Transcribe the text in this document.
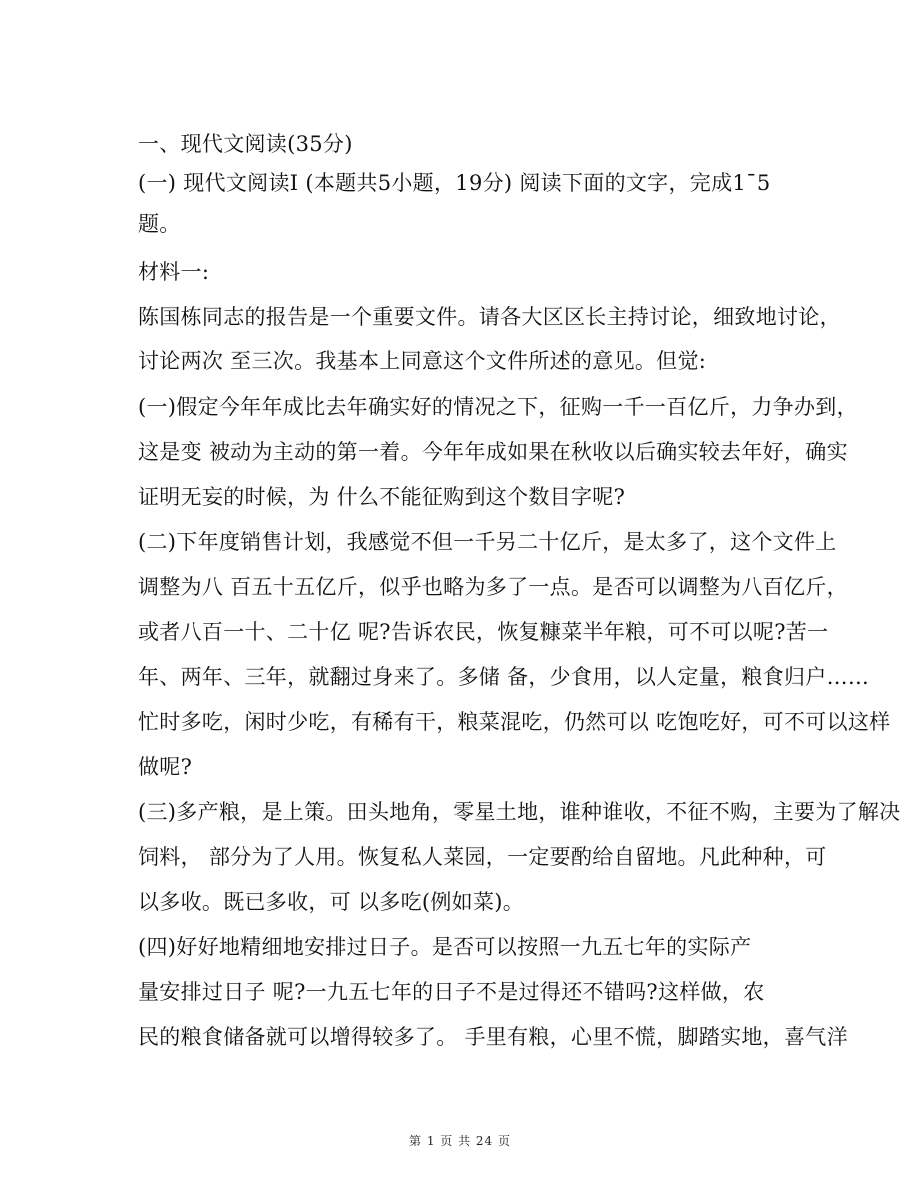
一、现代文阅读(35分)
(一) 现代文阅读Ⅰ (本题共5小题，19分) 阅读下面的文字，完成1¯5
题。
材料一:
陈国栋同志的报告是一个重要文件。请各大区区长主持讨论，细致地讨论，
讨论两次 至三次。我基本上同意这个文件所述的意见。但觉:
(一)假定今年年成比去年确实好的情况之下，征购一千一百亿斤，力争办到，
这是变 被动为主动的第一着。今年年成如果在秋收以后确实较去年好，确实
证明无妄的时候，为 什么不能征购到这个数目字呢?
(二)下年度销售计划，我感觉不但一千另二十亿斤，是太多了，这个文件上
调整为八 百五十五亿斤，似乎也略为多了一点。是否可以调整为八百亿斤，
或者八百一十、二十亿 呢?告诉农民，恢复糠菜半年粮，可不可以呢?苦一
年、两年、三年，就翻过身来了。多储 备，少食用，以人定量，粮食归户……
忙时多吃，闲时少吃，有稀有干，粮菜混吃，仍然可以 吃饱吃好，可不可以这样
做呢?
(三)多产粮，是上策。田头地角，零星土地，谁种谁收，不征不购，主要为了解决
饲料， 部分为了人用。恢复私人菜园，一定要酌给自留地。凡此种种，可
以多收。既已多收，可 以多吃(例如菜)。
(四)好好地精细地安排过日子。是否可以按照一九五七年的实际产
量安排过日子 呢?一九五七年的日子不是过得还不错吗?这样做，农
民的粮食储备就可以增得较多了。 手里有粮，心里不慌，脚踏实地，喜气洋
第 1 页 共 24 页
